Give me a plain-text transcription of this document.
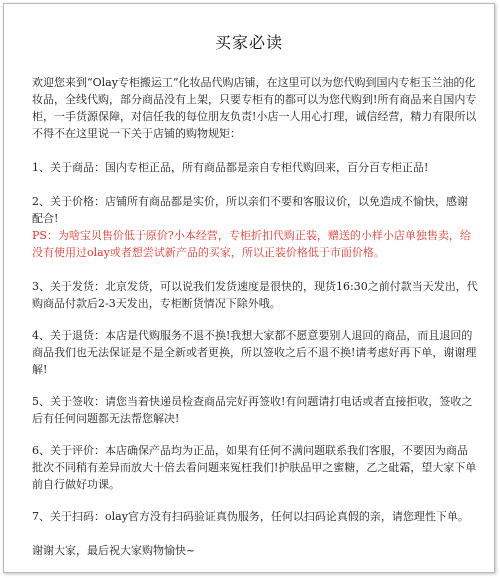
买家必读

欢迎您来到“Olay专柜搬运工”化妆品代购店铺，在这里可以为您代购到国内专柜玉兰油的化妆品，全线代购，部分商品没有上架，只要专柜有的都可以为您代购到!所有商品来自国内专柜，一手货源保障，对信任我的每位朋友负责!小店一人用心打理，诚信经营，精力有限所以不得不在这里说一下关于店铺的购物规矩：

1、关于商品：国内专柜正品，所有商品都是亲自专柜代购回来，百分百专柜正品!

2、关于价格：店铺所有商品都是实价，所以亲们不要和客服议价，以免造成不愉快，感谢配合!

PS：为啥宝贝售价低于原价?小本经营，专柜折扣代购正装，赠送的小样小店单独售卖，给没有使用过olay或者想尝试新产品的买家，所以正装价格低于市面价格。

3、关于发货：北京发货，可以说我们发货速度是很快的，现货16:30之前付款当天发出，代购商品付款后2-3天发出，专柜断货情况下除外哦。

4、关于退货：本店是代购服务不退不换!我想大家都不愿意要别人退回的商品，而且退回的商品我们也无法保证是不是全新或者更换，所以签收之后不退不换!请考虑好再下单，谢谢理解!

5、关于签收：请您当着快递员检查商品完好再签收!有问题请打电话或者直接拒收，签收之后有任何问题都无法帮您解决!

6、关于评价：本店确保产品均为正品，如果有任何不满问题联系我们客服，不要因为商品批次不同稍有差异而放大十倍去看问题来冤枉我们!护肤品甲之蜜糖，乙之砒霜，望大家下单前自行做好功课。

7、关于扫码：olay官方没有扫码验证真伪服务，任何以扫码论真假的亲，请您理性下单。

谢谢大家，最后祝大家购物愉快~
